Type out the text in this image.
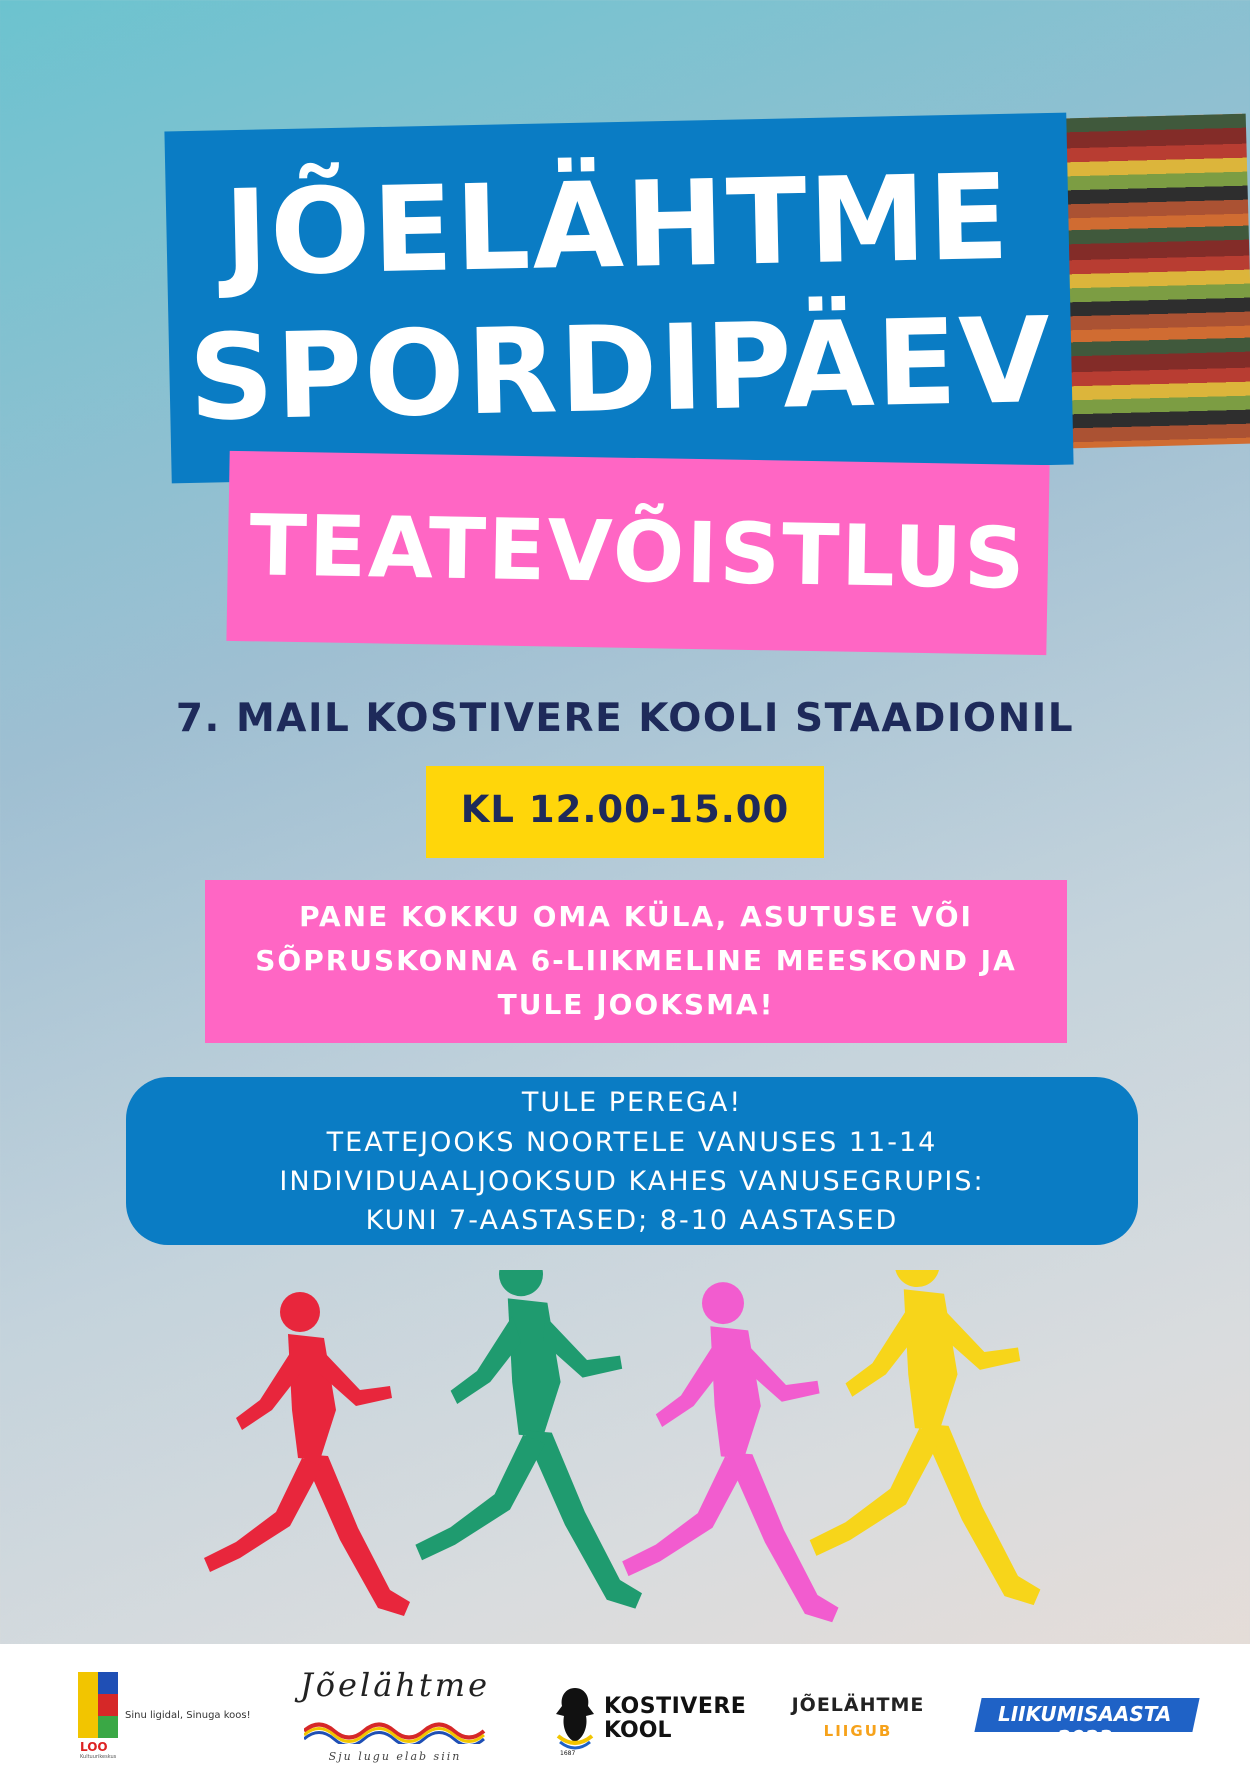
JÕELÄHTME
SPORDIPÄEV
TEATEVÕISTLUS
7. MAIL KOSTIVERE KOOLI STAADIONIL
KL 12.00-15.00
PANE KOKKU OMA KÜLA, ASUTUSE VÕI
SÕPRUSKONNA 6-LIIKMELINE MEESKOND JA
TULE JOOKSMA!
TULE PEREGA!
TEATEJOOKS NOORTELE VANUSES 11-14
INDIVIDUAALJOOKSUD KAHES VANUSEGRUPIS:
KUNI 7-AASTASED; 8-10 AASTASED
LOO
Kultuurikeskus
Sinu ligidal, Sinuga koos!
Jõelähtme
Sju lugu elab siin
KOSTIVERE
KOOL
1687
JÕELÄHTME
LIIGUB
LIIKUMISAASTA 2023
